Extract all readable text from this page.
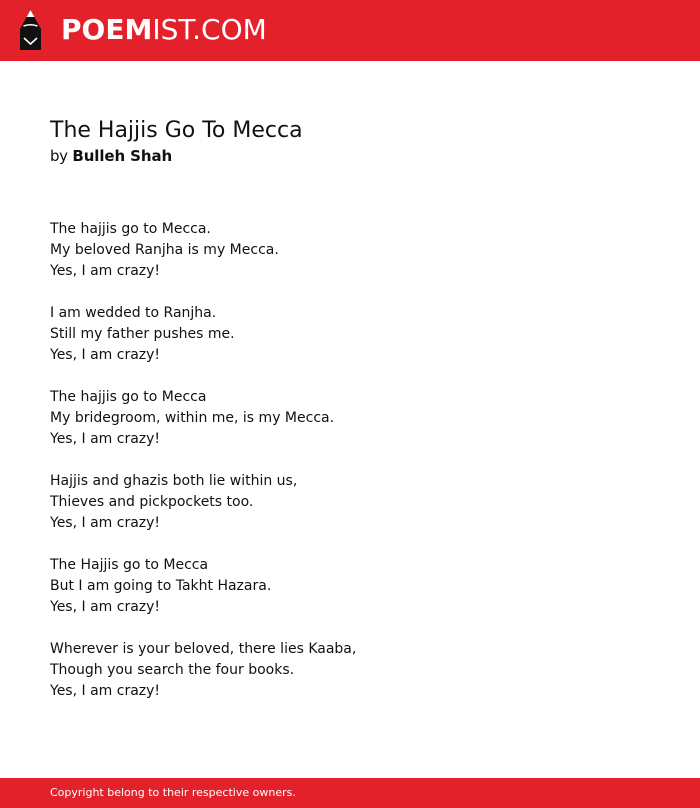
POEMIST.COM
The Hajjis Go To Mecca
by Bulleh Shah
The hajjis go to Mecca.
My beloved Ranjha is my Mecca.
Yes, I am crazy!
I am wedded to Ranjha.
Still my father pushes me.
Yes, I am crazy!
The hajjis go to Mecca
My bridegroom, within me, is my Mecca.
Yes, I am crazy!
Hajjis and ghazis both lie within us,
Thieves and pickpockets too.
Yes, I am crazy!
The Hajjis go to Mecca
But I am going to Takht Hazara.
Yes, I am crazy!
Wherever is your beloved, there lies Kaaba,
Though you search the four books.
Yes, I am crazy!
Copyright belong to their respective owners.
